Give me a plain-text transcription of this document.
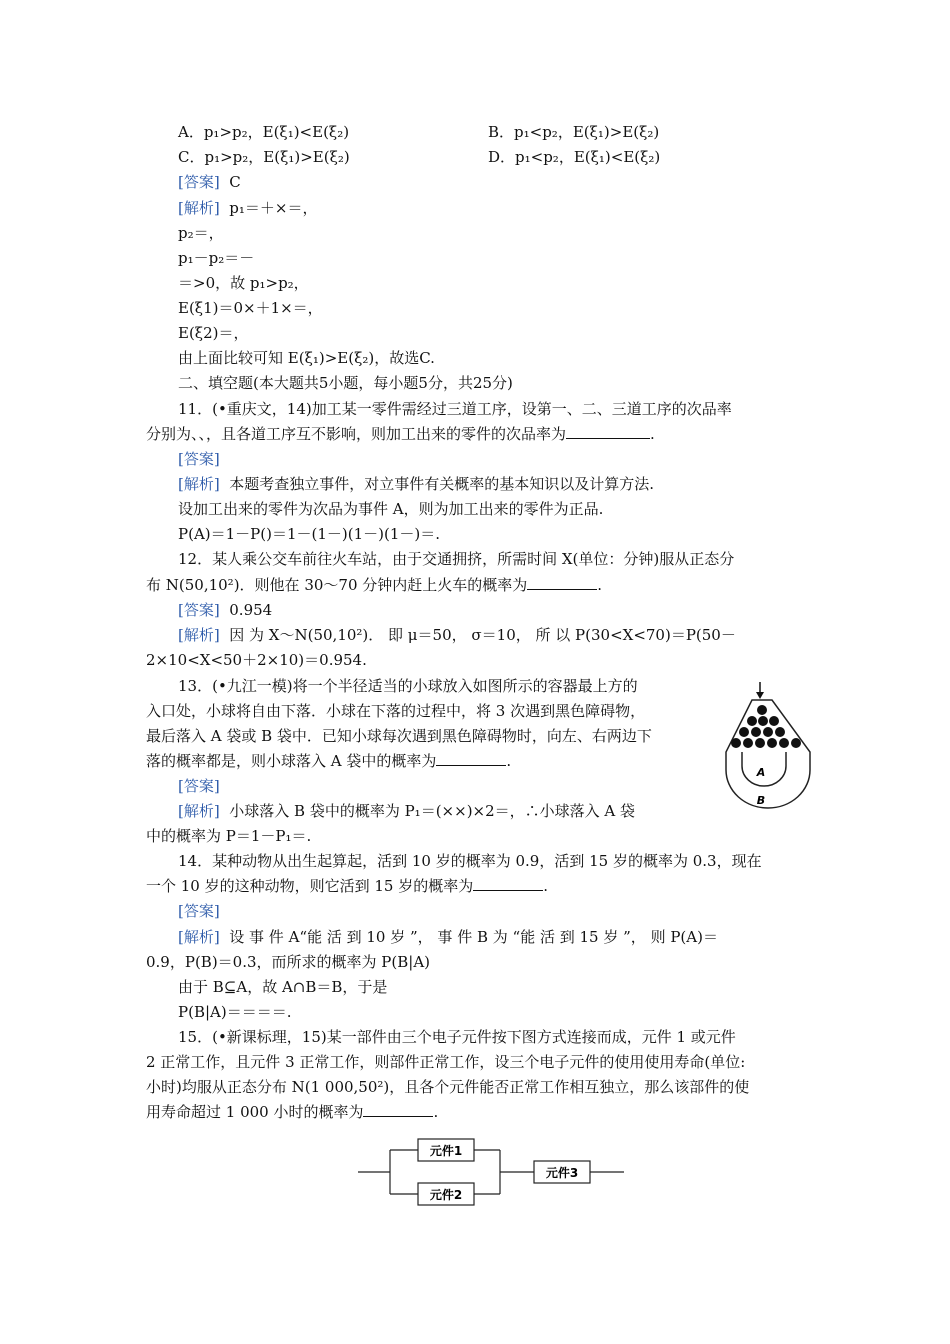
A．p₁>p₂，E(ξ₁)<E(ξ₂)	B．p₁<p₂，E(ξ₁)>E(ξ₂)
C．p₁>p₂，E(ξ₁)>E(ξ₂)	D．p₁<p₂，E(ξ₁)<E(ξ₂)
[答案] C
[解析] p₁＝＋×＝，
p₂＝，
p₁－p₂＝－
＝>0，故 p₁>p₂，
E(ξ1)＝0×＋1×＝，
E(ξ2)＝，
由上面比较可知 E(ξ₁)>E(ξ₂)，故选C.
二、填空题(本大题共5小题，每小题5分，共25分)
11．(•重庆文，14)加工某一零件需经过三道工序，设第一、二、三道工序的次品率
分别为、、，且各道工序互不影响，则加工出来的零件的次品率为	.
[答案]
[解析] 本题考查独立事件，对立事件有关概率的基本知识以及计算方法.
设加工出来的零件为次品为事件 A，则为加工出来的零件为正品.
P(A)＝1－P()＝1－(1－)(1－)(1－)＝.
12．某人乘公交车前往火车站，由于交通拥挤，所需时间 X(单位：分钟)服从正态分
布 N(50,10²)．则他在 30～70 分钟内赶上火车的概率为	.
[答案] 0.954
[解析] 因 为 X～N(50,10²)． 即 μ＝50， σ＝10， 所 以 P(30<X<70)＝P(50－
2×10<X<50＋2×10)＝0.954.
13．(•九江一模)将一个半径适当的小球放入如图所示的容器最上方的
入口处，小球将自由下落．小球在下落的过程中，将 3 次遇到黑色障碍物，
最后落入 A 袋或 B 袋中．已知小球每次遇到黑色障碍物时，向左、右两边下
落的概率都是，则小球落入 A 袋中的概率为	.
[答案]
[解析] 小球落入 B 袋中的概率为 P₁＝(××)×2＝，∴小球落入 A 袋
中的概率为 P＝1－P₁＝.
A
B
14．某种动物从出生起算起，活到 10 岁的概率为 0.9，活到 15 岁的概率为 0.3，现在
一个 10 岁的这种动物，则它活到 15 岁的概率为	.
[答案]
[解析] 设 事 件 A“能 活 到 10 岁 ”， 事 件 B 为 “能 活 到 15 岁 ”， 则 P(A)＝
0.9，P(B)＝0.3，而所求的概率为 P(B|A)
由于 B⊆A，故 A∩B＝B，于是
P(B|A)＝＝＝＝.
15．(•新课标理，15)某一部件由三个电子元件按下图方式连接而成，元件 1 或元件
2 正常工作，且元件 3 正常工作，则部件正常工作，设三个电子元件的使用使用寿命(单位:
小时)均服从正态分布 N(1 000,50²)，且各个元件能否正常工作相互独立，那么该部件的使
用寿命超过 1 000 小时的概率为	.
元件1
元件2
元件3
